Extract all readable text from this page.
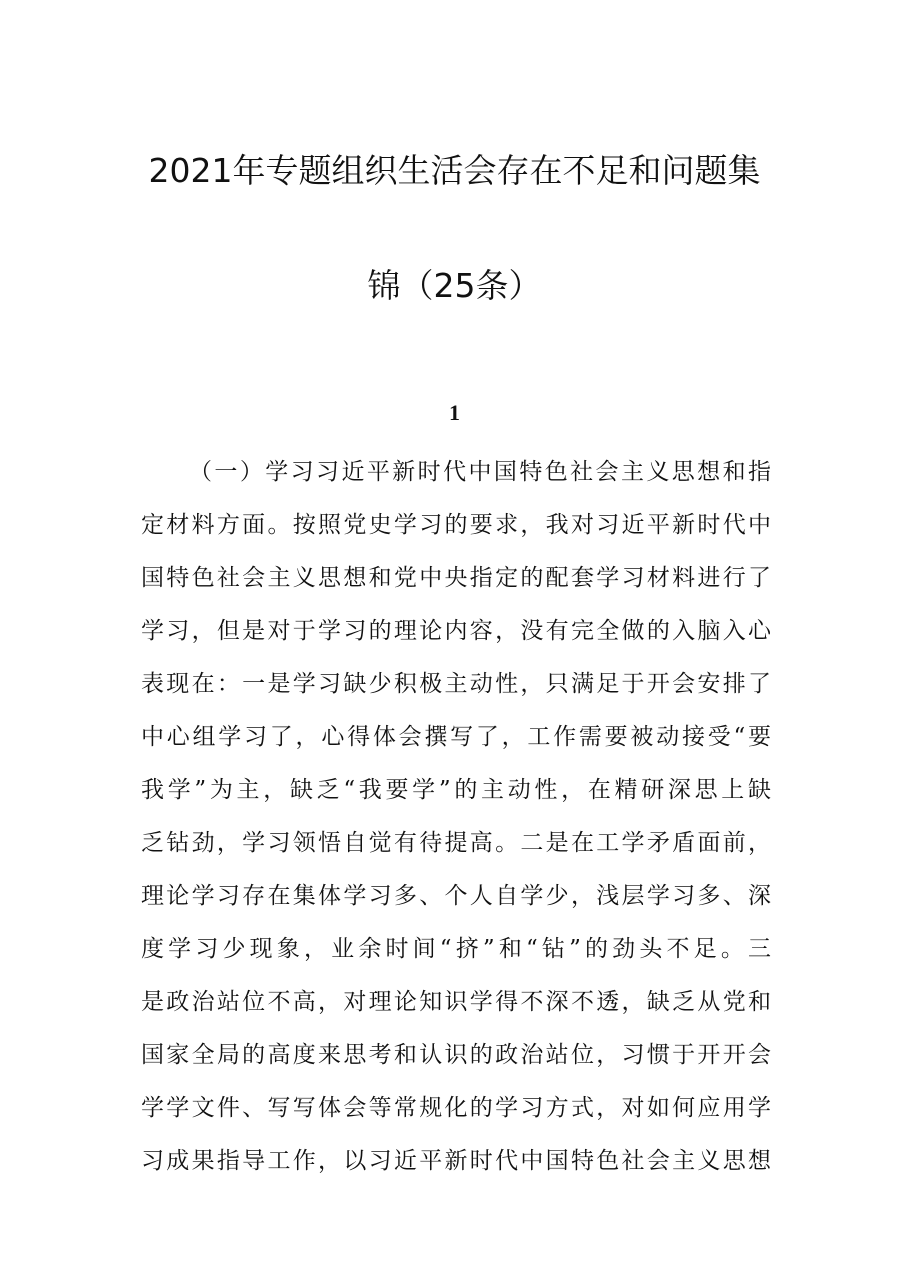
2021年专题组织生活会存在不足和问题集
锦（25条）
1
（一）学习习近平新时代中国特色社会主义思想和指
定材料方面。按照党史学习的要求，我对习近平新时代中
国特色社会主义思想和党中央指定的配套学习材料进行了
学习，但是对于学习的理论内容，没有完全做的入脑入心
表现在：一是学习缺少积极主动性，只满足于开会安排了
中心组学习了，心得体会撰写了，工作需要被动接受“要
我学”为主，缺乏“我要学”的主动性，在精研深思上缺
乏钻劲，学习领悟自觉有待提高。二是在工学矛盾面前，
理论学习存在集体学习多、个人自学少，浅层学习多、深
度学习少现象，业余时间“挤”和“钻”的劲头不足。三
是政治站位不高，对理论知识学得不深不透，缺乏从党和
国家全局的高度来思考和认识的政治站位，习惯于开开会
学学文件、写写体会等常规化的学习方式，对如何应用学
习成果指导工作，以习近平新时代中国特色社会主义思想
